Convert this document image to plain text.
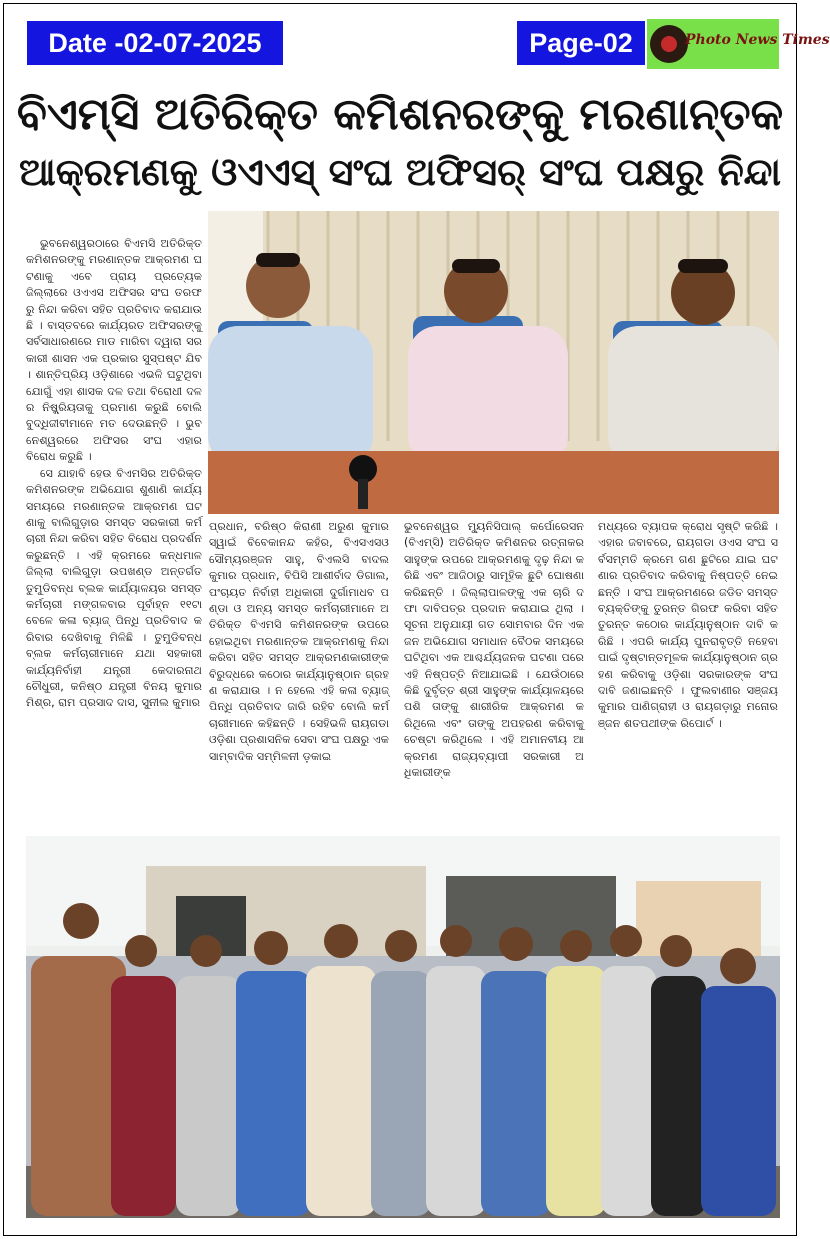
Date -02-07-2025	Page-02	Photo News Times
ବିଏମ୍‌ସି ଅତିରିକ୍ତ କମିଶନରଙ୍କୁ ମରଣାନ୍ତକ
ଆକ୍ରମଣକୁ ଓଏଏସ୍ ସଂଘ ଅଫିସର୍ ସଂଘ ପକ୍ଷରୁ ନିନ୍ଦା

ଭୁବନେଶ୍ୱରଠାରେ ବିଏମସି ଅତିରିକ୍ତ କମିଶନରଙ୍କୁ ମରଣାନ୍ତକ ଆକ୍ରମଣ ଘଟଣାକୁ ଏବେ ପ୍ରାୟ ପ୍ରତ୍ୟେକ ଜିଲ୍ଲାରେ ଓଏଏସ ଅଫିସର ସଂଘ ତରଫରୁ ନିନ୍ଦା କରିବା ସହିତ ପ୍ରତିବାଦ କରାଯାଉଛି । ବାସ୍ତବରେ କାର୍ଯ୍ୟରତ ଅଫିସରଙ୍କୁ ସର୍ବସାଧାରଣରେ ମାଡ ମାରିବା ଦ୍ୱାରା ସରକାରୀ ଶାସନ ଏକ ପ୍ରକାର ସୁସ୍ପଷ୍ଟ ଯିବ । ଶାନ୍ତିପ୍ରିୟ ଓଡ଼ିଶାରେ ଏଭଳି ଘଟୁଥିବା ଯୋଗୁଁ ଏହା ଶାସକ ଦଳ ତଥା ବିରୋଧୀ ଦଳର ନିଷ୍କ୍ରିୟତାକୁ ପ୍ରମାଣ କରୁଛି ବୋଲି ବୁଦ୍ଧିଜୀବୀମାନେ ମତ ଦେଉଛନ୍ତି । ଭୁବନେଶ୍ୱରରେ ଅଫିସର ସଂଘ ଏହାର ବିରୋଧ କରୁଛି ।

ସେ ଯାହାବି ହେଉ ବିଏମସିର ଅତିରିକ୍ତ କମିଶନରଙ୍କ ଅଭିଯୋଗ ଶୁଣାଣି କାର୍ଯ୍ୟ ସମୟରେ ମରଣାନ୍ତକ ଆକ୍ରମଣ ଘଟଣାକୁ ବାଲିଗୁଡ଼ାର ସମସ୍ତ ସରକାରୀ କର୍ମଚାରୀ ନିନ୍ଦା କରିବା ସହିତ ବିରୋଧ ପ୍ରଦର୍ଶନ କରୁଛନ୍ତି । ଏହି କ୍ରମରେ କନ୍ଧମାଳ ଜିଲ୍ଲା ବାଲିଗୁଡ଼ା ଉପଖଣ୍ଡ ଅନ୍ତର୍ଗତ ତୁମୁଡିବନ୍ଧ ବ୍ଲକ କାର୍ଯ୍ୟାଳୟର ସମସ୍ତ କର୍ମଚାରୀ ମଙ୍ଗଳବାର ପୂର୍ବାହ୍ନ ୧୧ଟା ବେଳେ କଳା ବ୍ୟାଜ୍ ପିନ୍ଧି ପ୍ରତିବାଦ କରିବାର ଦେଖିବାକୁ ମିଳିଛି । ତୁମୁଡିବନ୍ଧ ବ୍ଲକ କର୍ମଚାରୀମାନେ ଯଥା ସହକାରୀ କାର୍ଯ୍ୟନିର୍ବାହୀ ଯନ୍ତ୍ରୀ କେଦାରନାଥ ଚୌଧୁରୀ, କନିଷ୍ଠ ଯନ୍ତ୍ରୀ ବିନୟ କୁମାର ମିଶ୍ର, ରାମ ପ୍ରସାଦ ଦାସ, ସୁନୀଲ କୁମାର

ପ୍ରଧାନ, ବରିଷ୍ଠ କିରାଣୀ ଅରୁଣ କୁମାର ସ୍ୱାଇଁ ବିବେକାନନ୍ଦ କହଁର, ବିଏସଏସଓ ସୌମ୍ୟରଞ୍ଜନ ସାହୁ, ବିଏଲସି ବାଦଲ କୁମାର ପ୍ରଧାନ, ବିପିସି ଆଶୀର୍ବାଦ ଡିଗାଲ, ପଂଚାୟତ ନିର୍ବାହୀ ଅଧିକାରୀ ଦୁର୍ଗାମାଧବ ପଣ୍ଡା ଓ ଅନ୍ୟ ସମସ୍ତ କର୍ମଚାରୀମାନେ ଅତିରିକ୍ତ ବିଏମସି କମିଶନରଙ୍କ ଉପରେ ହୋଇଥିବା ମରଣାନ୍ତକ ଆକ୍ରମଣକୁ ନିନ୍ଦା କରିବା ସହିତ ସମସ୍ତ ଆକ୍ରମଣକାରୀଙ୍କ ବିରୁଦ୍ଧରେ କଠୋର କାର୍ଯ୍ୟାନୁଷ୍ଠାନ ଗ୍ରହଣ କରାଯାଉ । ନ ହେଲେ ଏହି କଳା ବ୍ୟାଜ୍ ପିନ୍ଧି ପ୍ରତିବାଦ ଜାରି ରହିବ ବୋଲି କର୍ମଚାରୀମାନେ କହିଛନ୍ତି । ସେହିଭଳି ରାୟଗଡା ଓଡ଼ିଶା ପ୍ରଶାସନିକ ସେବା ସଂଘ ପକ୍ଷରୁ ଏକ ସାମ୍ବାଦିକ ସମ୍ମିଳନୀ ଡ଼କାଇ

ଭୁବନେଶ୍ୱର ମ୍ୟୁନିସିପାଲ୍ କର୍ପୋରେସନ (ବିଏମ୍‌ସି) ଅତିରିକ୍ତ କମିଶନର ରତ୍ନାକର ସାହୁଙ୍କ ଉପରେ ଆକ୍ରମଣକୁ ଦୃଢ଼ ନିନ୍ଦା କରିଛି ଏବଂ ଆଜିଠାରୁ ସାମୂହିକ ଛୁଟି ଘୋଷଣା କରିଛନ୍ତି । ଜିଲ୍ଲାପାଳଙ୍କୁ ଏକ ଚାରି ଦଫା ଦାବିପତ୍ର ପ୍ରଦାନ କରାଯାଇ ଥିଲା । ସୂଚନା ଅନୁଯାୟୀ ଗତ ସୋମବାର ଦିନ ଏକ ଜନ ଅଭିଯୋଗ ସମାଧାନ ବୈଠକ ସମୟରେ ଘଟିଥିବା ଏକ ଆଶ୍ଚର୍ଯ୍ୟଜନକ ଘଟଣା ପରେ ଏହି ନିଷ୍ପତ୍ତି ନିଆଯାଇଛି । ଯେଉଁଠାରେ କିଛି ଦୁର୍ବୃତ୍ତ ଶ୍ରୀ ସାହୁଙ୍କ କାର୍ଯ୍ୟାଳୟରେ ପଶି ତାଙ୍କୁ ଶାରୀରିକ ଆକ୍ରମଣ କରିଥିଲେ ଏବଂ ତାଙ୍କୁ ଅପହରଣ କରିବାକୁ ଚେଷ୍ଟା କରିଥିଲେ । ଏହି ଅମାନବୀୟ ଆକ୍ରମଣ ରାଜ୍ୟବ୍ୟାପୀ ସରକାରୀ ଅଧିକାରୀଙ୍କ

ମଧ୍ୟରେ ବ୍ୟାପକ କ୍ରୋଧ ସୃଷ୍ଟି କରିଛି । ଏହାର ଜବାବରେ, ରାୟଗଡା ଓଏସ ସଂଘ ସର୍ବସମ୍ମତି କ୍ରମେ ଗଣ ଛୁଟିରେ ଯାଇ ଘଟଣାର ପ୍ରତିବାଦ କରିବାକୁ ନିଷ୍ପତ୍ତି ନେଇଛନ୍ତି । ସଂଘ ଆକ୍ରମଣରେ ଜଡିତ ସମସ୍ତ ବ୍ୟକ୍ତିଙ୍କୁ ତୁରନ୍ତ ଗିରଫ କରିବା ସହିତ ତୁରନ୍ତ କଠୋର କାର୍ଯ୍ୟାନୁଷ୍ଠାନ ଦାବି କରିଛି । ଏପରି କାର୍ଯ୍ୟ ପୁନରାବୃତ୍ତି ନହେବା ପାଇଁ ଦୃଷ୍ଟାନ୍ତମୂଳକ କାର୍ଯ୍ୟାନୁଷ୍ଠାନ ଗ୍ରହଣ କରିବାକୁ ଓଡ଼ିଶା ସରକାରଙ୍କ ସଂଘ ଦାବି ଜଣାଇଛନ୍ତି । ଫୁଲବାଣୀର ସଞ୍ଜୟ କୁମାର ପାଣିଗ୍ରାହୀ ଓ ରାୟଗଡ଼ାରୁ ମନୋରଞ୍ଜନ ଶତପଥୀଙ୍କ ରିପୋର୍ଟ ।
